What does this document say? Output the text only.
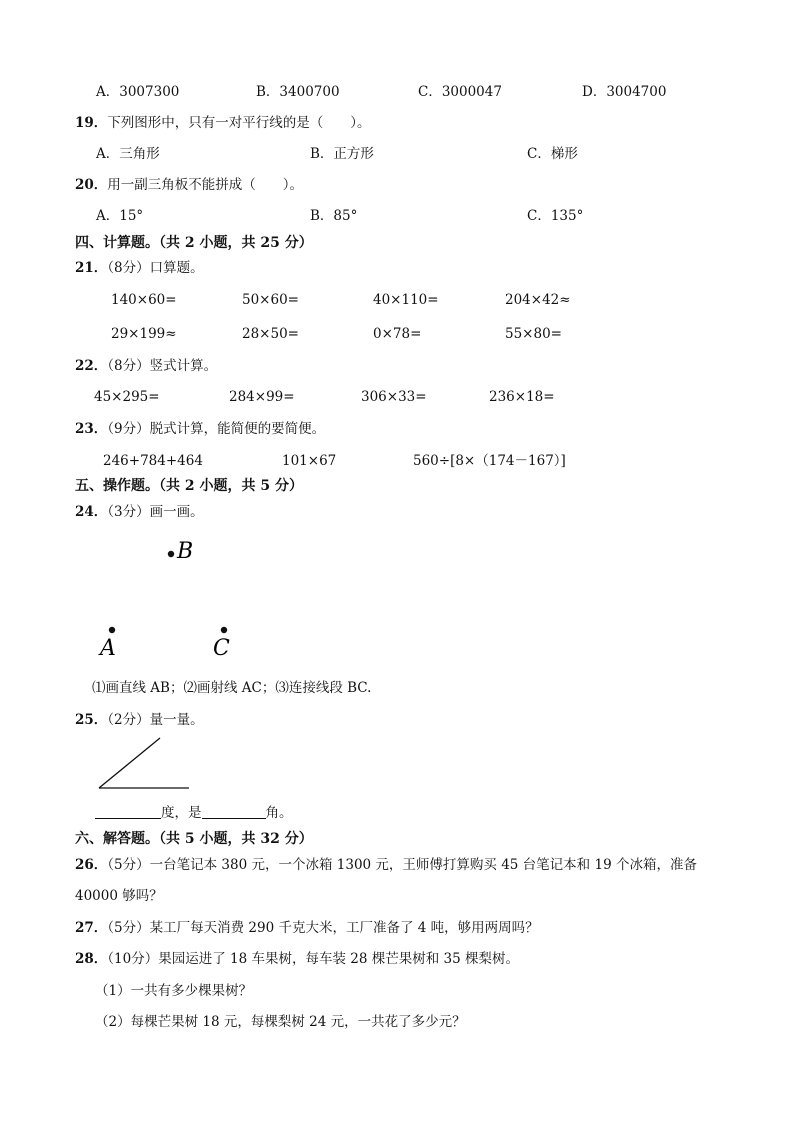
A．3007300	B．3400700	C．3000047	D．3004700
19．下列图形中，只有一对平行线的是（　　）。
A．三角形	B．正方形	C．梯形
20．用一副三角板不能拼成（　　）。
A．15°	B．85°	C．135°
四、计算题。（共 2 小题，共 25 分）
21．（8分）口算题。
140×60=	50×60=	40×110=	204×42≈
29×199≈	28×50=	0×78=	55×80=
22．（8分）竖式计算。
45×295=	284×99=	306×33=	236×18=
23．（9分）脱式计算，能简便的要简便。
246+784+464	101×67	560÷[8×（174－167）]
五、操作题。（共 2 小题，共 5 分）
24．（3分）画一画。
B
A	C
⑴画直线 AB；⑵画射线 AC；⑶连接线段 BC.
25．（2分）量一量。
度，是	角。
六、解答题。（共 5 小题，共 32 分）
26．（5分）一台笔记本 380 元，一个冰箱 1300 元，王师傅打算购买 45 台笔记本和 19 个冰箱，准备
40000 够吗？
27．（5分）某工厂每天消费 290 千克大米，工厂准备了 4 吨，够用两周吗？
28．（10分）果园运进了 18 车果树，每车装 28 棵芒果树和 35 棵梨树。
（1）一共有多少棵果树？
（2）每棵芒果树 18 元，每棵梨树 24 元，一共花了多少元？
